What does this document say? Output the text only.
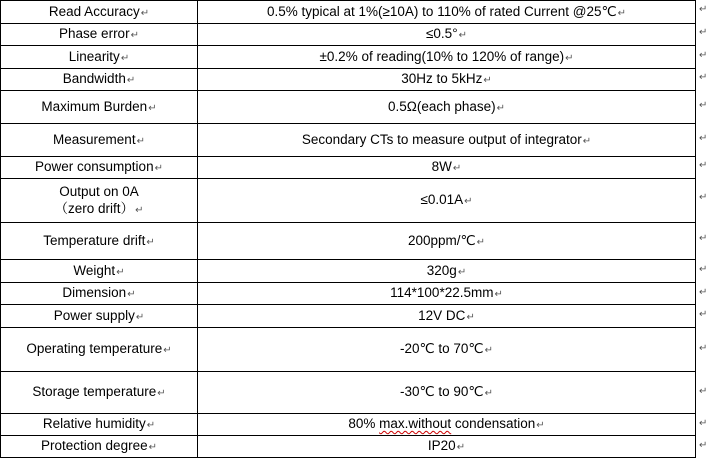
Read Accuracy↵	0.5% typical at 1%(≥10A) to 110% of rated Current @25℃↵
Phase error↵	≤0.5°↵
Linearity↵	±0.2% of reading(10% to 120% of range)↵
Bandwidth↵	30Hz to 5kHz↵
Maximum Burden↵	0.5Ω(each phase)↵
Measurement↵	Secondary CTs to measure output of integrator↵
Power consumption↵	8W↵
Output on 0A
（zero drift）↵	≤0.01A↵
Temperature drift↵	200ppm/℃↵
Weight↵	320g↵
Dimension↵	114*100*22.5mm↵
Power supply↵	12V DC↵
Operating temperature↵	-20℃ to 70℃↵
Storage temperature↵	-30℃ to 90℃↵
Relative humidity↵	80% max.without condensation↵
Protection degree↵	IP20↵
↵
↵
↵
↵
↵
↵
↵
↵
↵
↵
↵
↵
↵
↵
↵
↵
